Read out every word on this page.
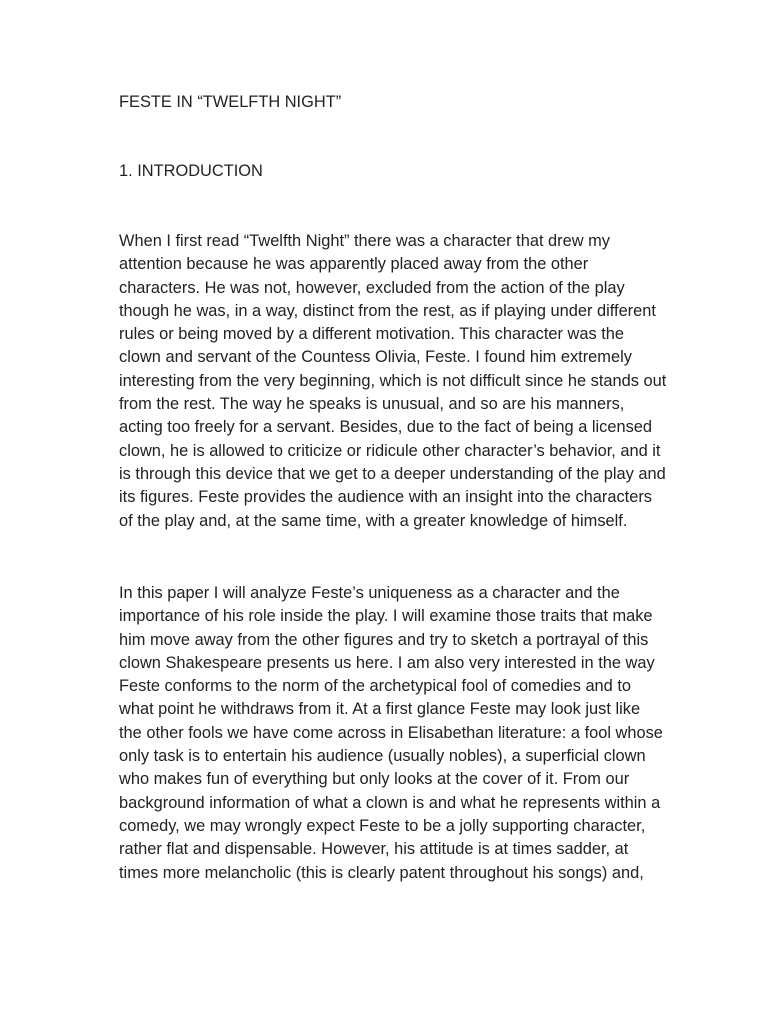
FESTE IN “TWELFTH NIGHT”
1. INTRODUCTION
When I first read “Twelfth Night” there was a character that drew my
attention because he was apparently placed away from the other
characters. He was not, however, excluded from the action of the play
though he was, in a way, distinct from the rest, as if playing under different
rules or being moved by a different motivation. This character was the
clown and servant of the Countess Olivia, Feste. I found him extremely
interesting from the very beginning, which is not difficult since he stands out
from the rest. The way he speaks is unusual, and so are his manners,
acting too freely for a servant. Besides, due to the fact of being a licensed
clown, he is allowed to criticize or ridicule other character’s behavior, and it
is through this device that we get to a deeper understanding of the play and
its figures. Feste provides the audience with an insight into the characters
of the play and, at the same time, with a greater knowledge of himself.
In this paper I will analyze Feste’s uniqueness as a character and the
importance of his role inside the play. I will examine those traits that make
him move away from the other figures and try to sketch a portrayal of this
clown Shakespeare presents us here. I am also very interested in the way
Feste conforms to the norm of the archetypical fool of comedies and to
what point he withdraws from it. At a first glance Feste may look just like
the other fools we have come across in Elisabethan literature: a fool whose
only task is to entertain his audience (usually nobles), a superficial clown
who makes fun of everything but only looks at the cover of it. From our
background information of what a clown is and what he represents within a
comedy, we may wrongly expect Feste to be a jolly supporting character,
rather flat and dispensable. However, his attitude is at times sadder, at
times more melancholic (this is clearly patent throughout his songs) and,
